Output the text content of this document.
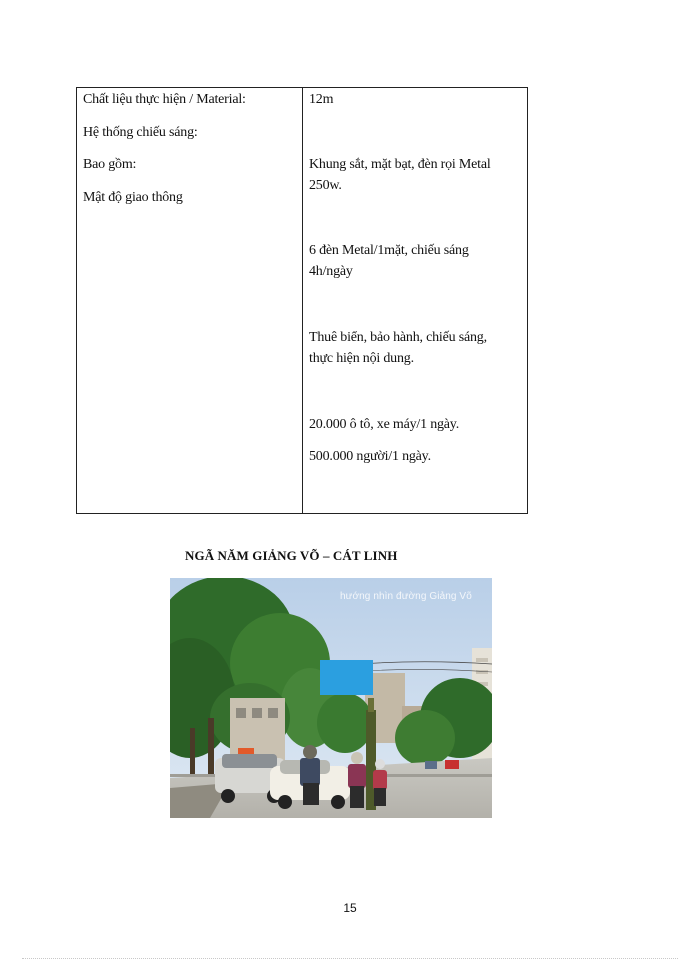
Chất liệu thực hiện / Material:
Hệ thống chiếu sáng:
Bao gồm:
Mật độ giao thông
12m
Khung sắt, mặt bạt, đèn rọi Metal
250w.
6 đèn Metal/1mặt, chiếu sáng
4h/ngày
Thuê biển, bảo hành, chiếu sáng,
thực hiện nội dung.
20.000 ô tô, xe máy/1 ngày.
500.000 người/1 ngày.
NGÃ NĂM GIẢNG VÕ – CÁT LINH
hướng nhìn đường Giảng Võ
15
